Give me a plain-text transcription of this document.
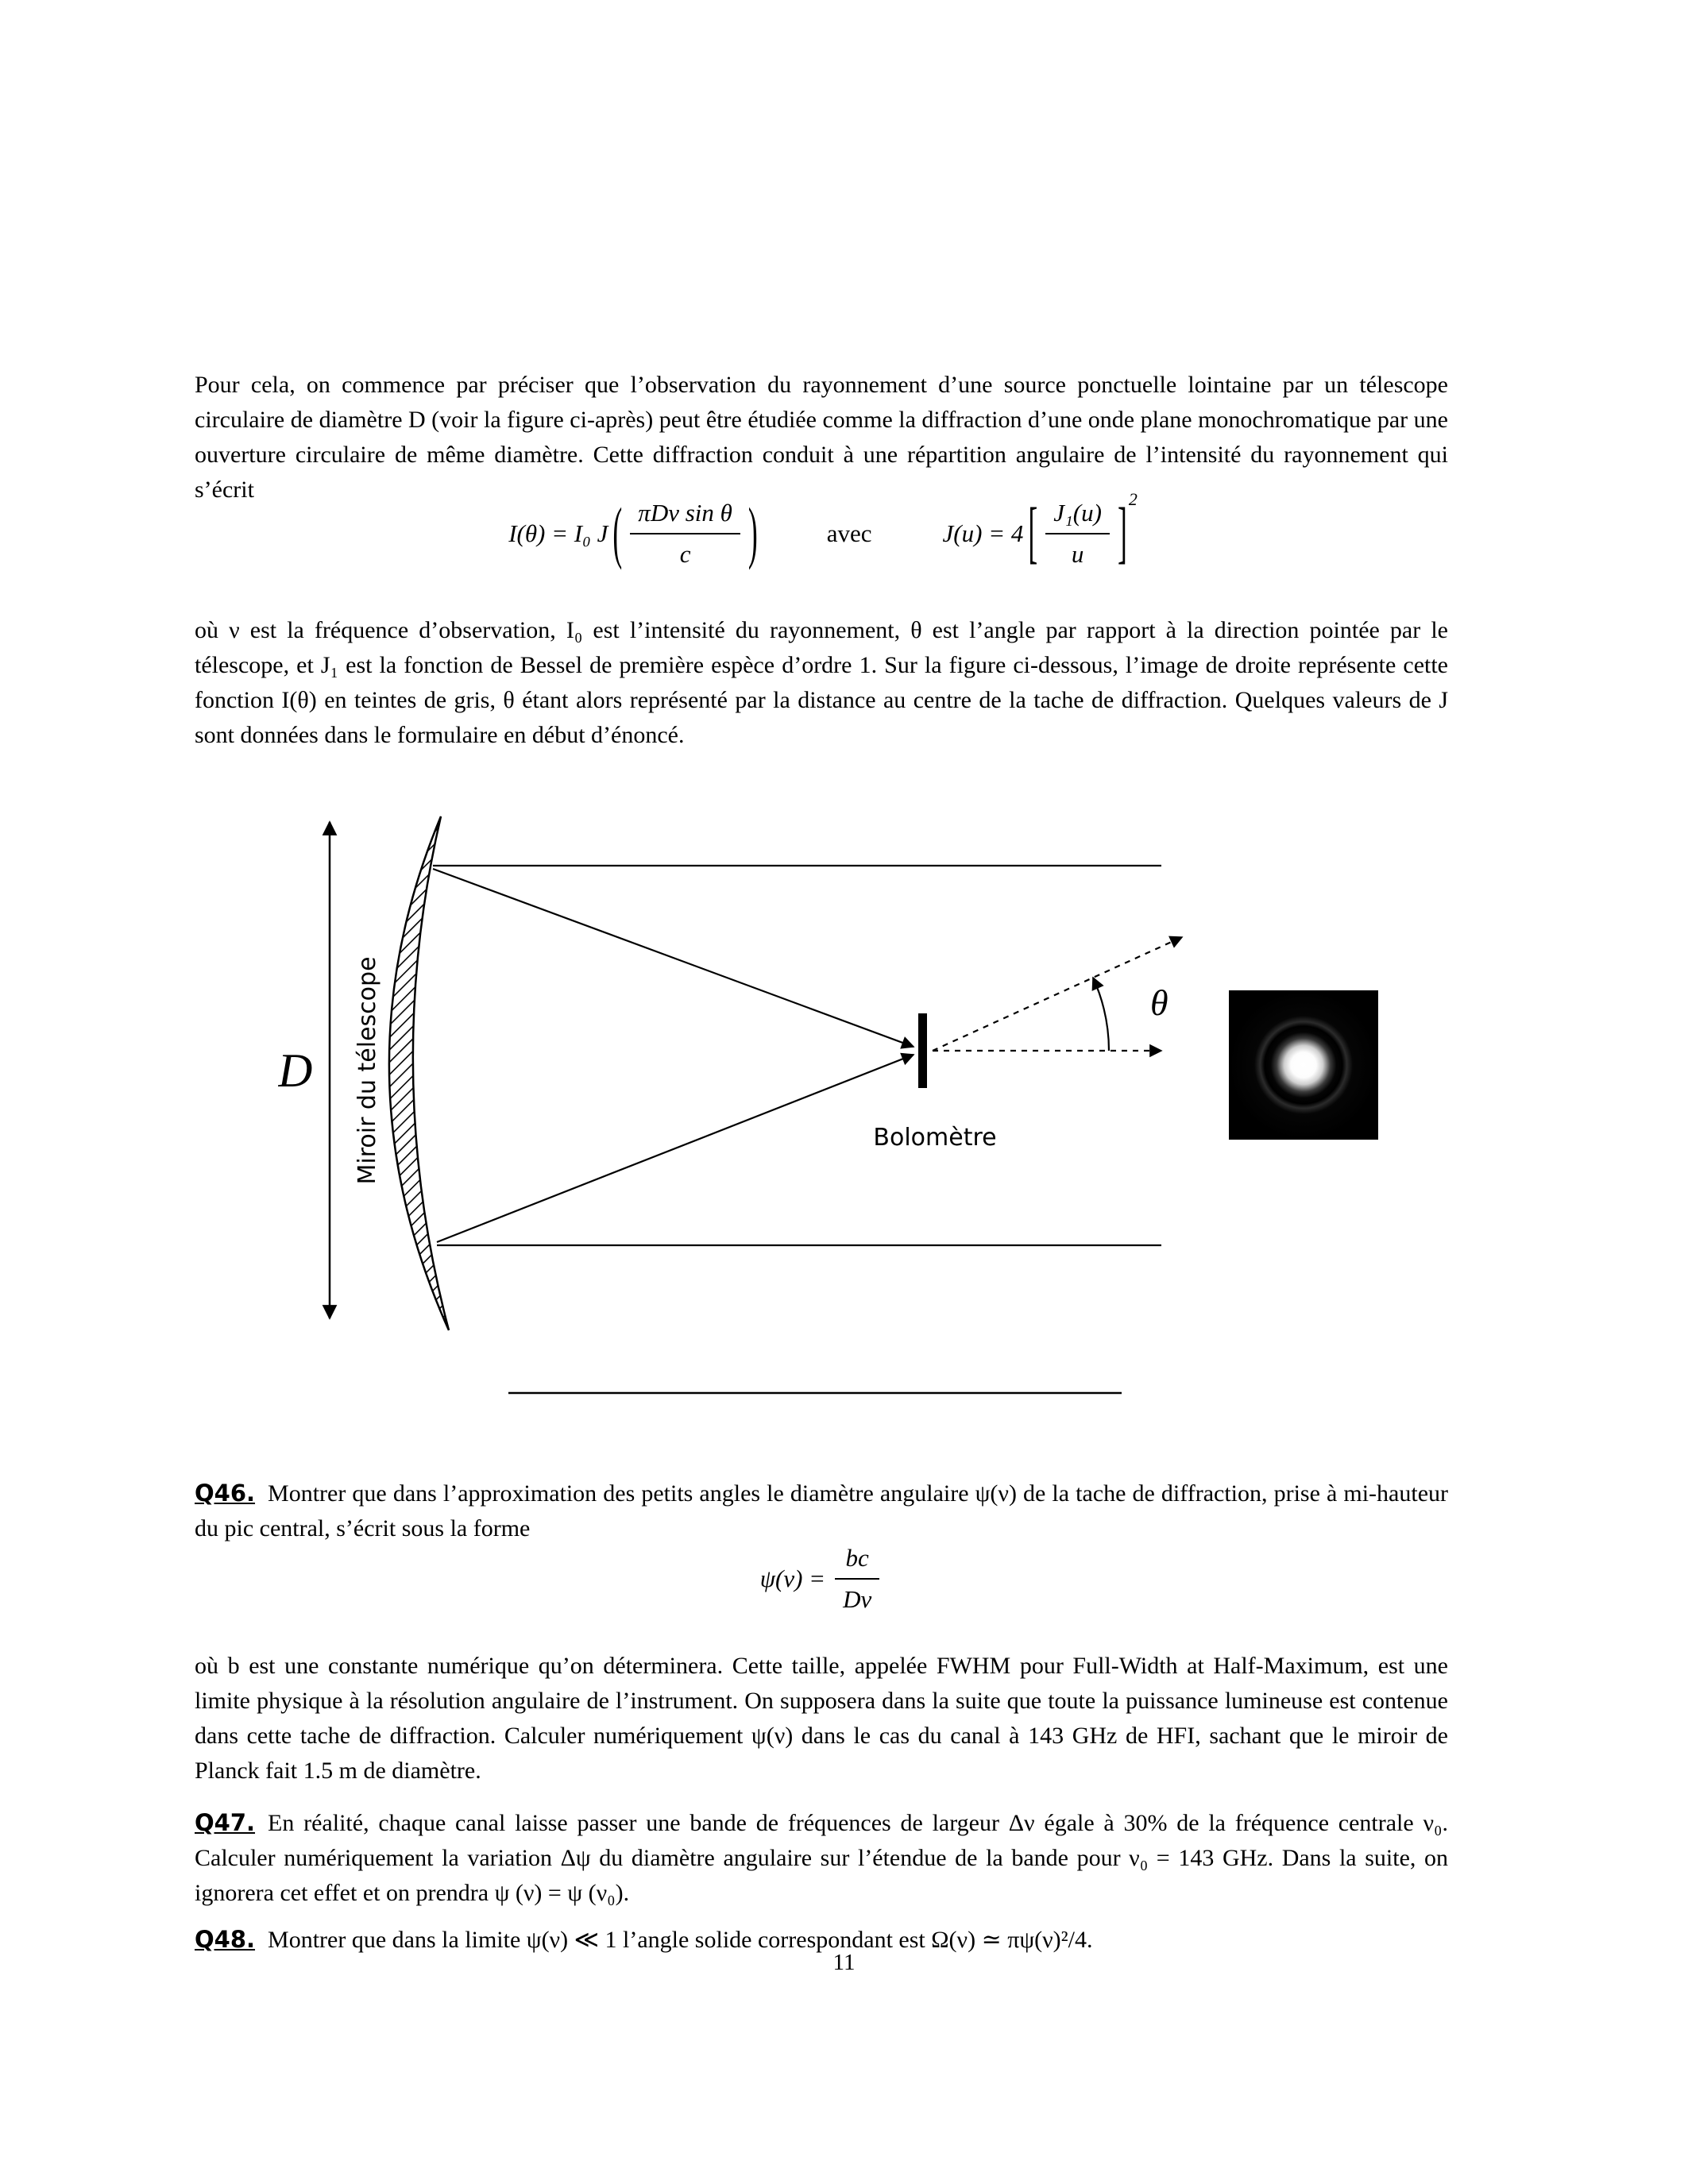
Pour cela, on commence par préciser que l’observation du rayonnement d’une source ponctuelle lointaine par un télescope circulaire de diamètre D (voir la figure ci-après) peut être étudiée comme la diffraction d’une onde plane monochromatique par une ouverture circulaire de même diamètre. Cette diffraction conduit à une répartition angulaire de l’intensité du rayonnement qui s’écrit

I(θ) = I₀ J ( $\frac{\text{πDν sin θ}}{c}$ )	avec	J(u) = 4 [ $\frac{\text{J₁(u)}}{u}$ ] 2

où ν est la fréquence d’observation, I₀ est l’intensité du rayonnement, θ est l’angle par rapport à la direction pointée par le télescope, et J₁ est la fonction de Bessel de première espèce d’ordre 1. Sur la figure ci-dessous, l’image de droite représente cette fonction I(θ) en teintes de gris, θ étant alors représenté par la distance au centre de la tache de diffraction. Quelques valeurs de J sont données dans le formulaire en début d’énoncé.

D Miroir du télescope	Bolomètre
θ

Q46. Montrer que dans l’approximation des petits angles le diamètre angulaire ψ(ν) de la tache de diffraction, prise à mi-hauteur du pic central, s’écrit sous la forme

$\psi(\nu) = \frac{bc}{D\nu}$

où b est une constante numérique qu’on déterminera. Cette taille, appelée FWHM pour Full-Width at Half-Maximum, est une limite physique à la résolution angulaire de l’instrument. On supposera dans la suite que toute la puissance lumineuse est contenue dans cette tache de diffraction. Calculer numériquement ψ(ν) dans le cas du canal à 143 GHz de HFI, sachant que le miroir de Planck fait 1.5 m de diamètre.

Q47. En réalité, chaque canal laisse passer une bande de fréquences de largeur Δν égale à 30% de la fréquence centrale ν₀. Calculer numériquement la variation Δψ du diamètre angulaire sur l’étendue de la bande pour ν₀ = 143 GHz. Dans la suite, on ignorera cet effet et on prendra ψ (ν) = ψ (ν₀).

Q48. Montrer que dans la limite ψ(ν) ≪ 1 l’angle solide correspondant est Ω(ν) ≃ πψ(ν)²/4.

11
